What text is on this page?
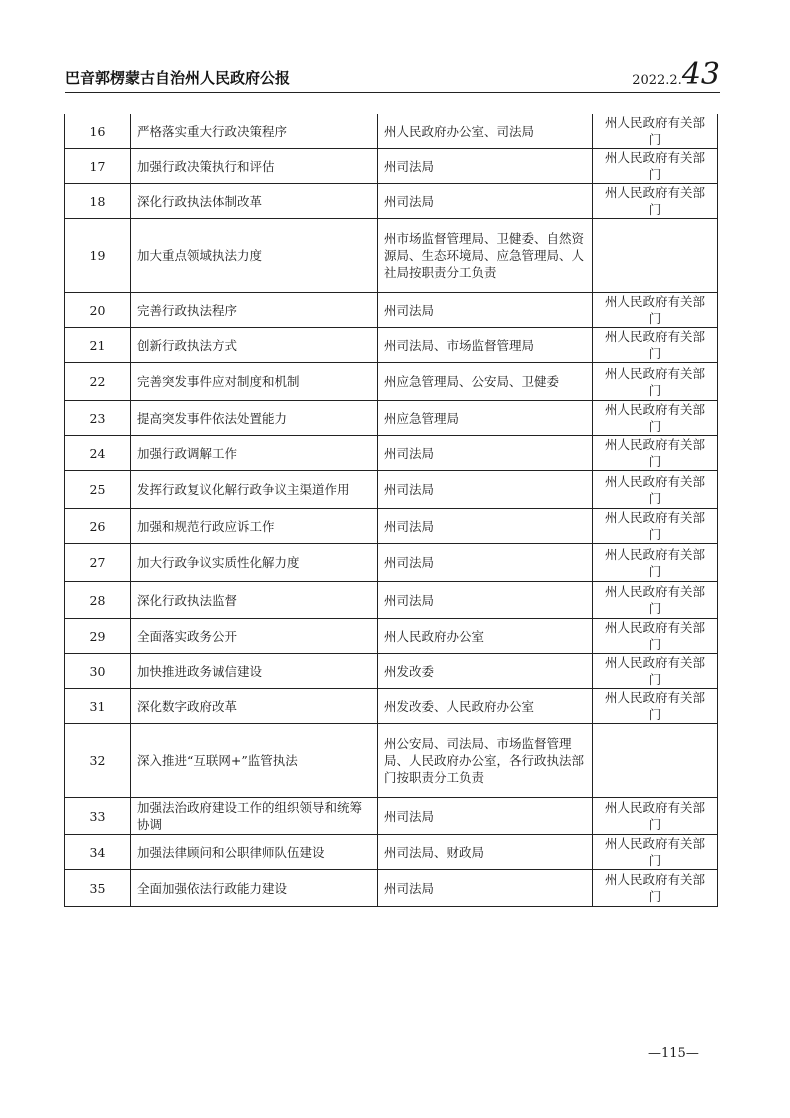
巴音郭楞蒙古自治州人民政府公报	2022.2.43
16	严格落实重大行政决策程序	州人民政府办公室、司法局	州人民政府有关部门
17	加强行政决策执行和评估	州司法局	州人民政府有关部门
18	深化行政执法体制改革	州司法局	州人民政府有关部门
19	加大重点领域执法力度	州市场监督管理局、卫健委、自然资源局、生态环境局、应急管理局、人社局按职责分工负责	
20	完善行政执法程序	州司法局	州人民政府有关部门
21	创新行政执法方式	州司法局、市场监督管理局	州人民政府有关部门
22	完善突发事件应对制度和机制	州应急管理局、公安局、卫健委	州人民政府有关部门
23	提高突发事件依法处置能力	州应急管理局	州人民政府有关部门
24	加强行政调解工作	州司法局	州人民政府有关部门
25	发挥行政复议化解行政争议主渠道作用	州司法局	州人民政府有关部门
26	加强和规范行政应诉工作	州司法局	州人民政府有关部门
27	加大行政争议实质性化解力度	州司法局	州人民政府有关部门
28	深化行政执法监督	州司法局	州人民政府有关部门
29	全面落实政务公开	州人民政府办公室	州人民政府有关部门
30	加快推进政务诚信建设	州发改委	州人民政府有关部门
31	深化数字政府改革	州发改委、人民政府办公室	州人民政府有关部门
32	深入推进“互联网+”监管执法	州公安局、司法局、市场监督管理局、人民政府办公室，各行政执法部门按职责分工负责	
33	加强法治政府建设工作的组织领导和统筹协调	州司法局	州人民政府有关部门
34	加强法律顾问和公职律师队伍建设	州司法局、财政局	州人民政府有关部门
35	全面加强依法行政能力建设	州司法局	州人民政府有关部门
—115—
